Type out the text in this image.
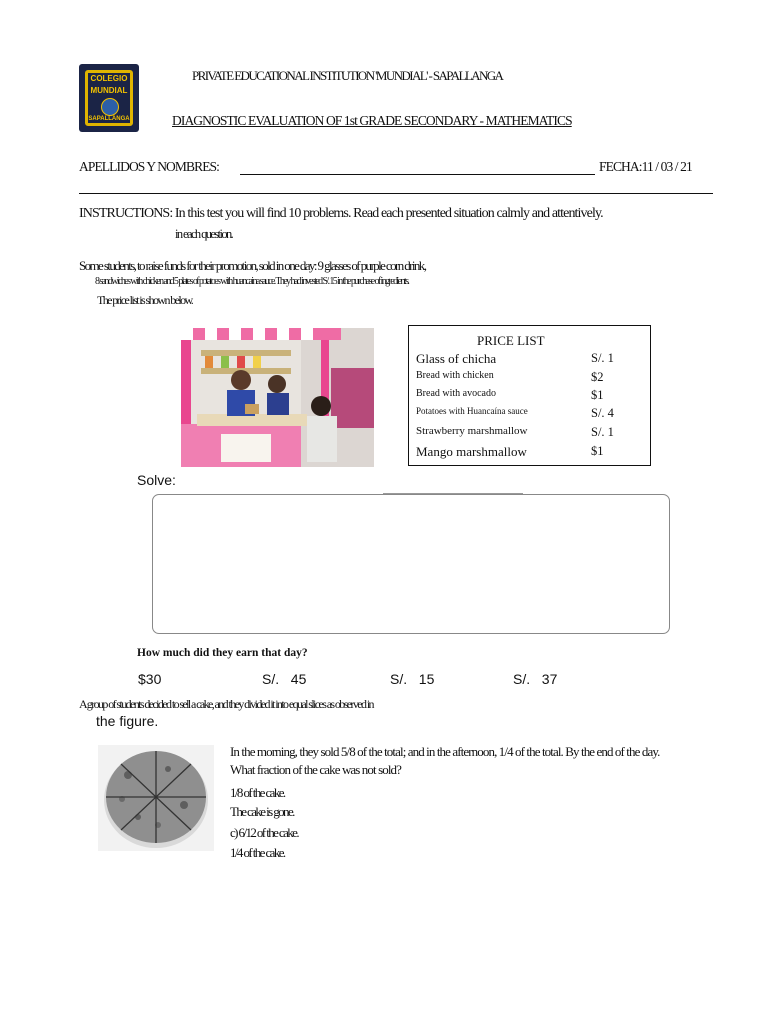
COLEGIO
MUNDIAL
SAPALLANGA
PRIVATE EDUCATIONAL INSTITUTION 'MUNDIAL' - SAPALLANGA
DIAGNOSTIC EVALUATION OF 1st GRADE SECONDARY - MATHEMATICS
APELLIDOS Y NOMBRES:	FECHA:11 / 03 / 21
INSTRUCTIONS: In this test you will find 10 problems. Read each presented situation calmly and attentively.
in each question.
Some students, to raise funds for their promotion, sold in one day: 9 glasses of purple corn drink,
8 sandwiches with chicken and 5 plates of potatoes with huancaina sauce. They had invested S/. 15 in the purchase of ingredients.
The price list is shown below.
PRICE LIST
Glass of chicha	S/. 1
Bread with chicken	$2
Bread with avocado	$1
Potatoes with Huancaína sauce	S/. 4
Strawberry marshmallow	S/. 1
Mango marshmallow	$1
Solve:
How much did they earn that day?
$30	S/.   45	S/.   15	S/.   37
A group of students decided to sell a cake, and they divided it into equal slices as observed in
the figure.
In the morning, they sold 5/8 of the total; and in the afternoon, 1/4 of the total. By the end of the day.
What fraction of the cake was not sold?
1/8 of the cake.
The cake is gone.
c) 6/12 of the cake.
1/4 of the cake.
